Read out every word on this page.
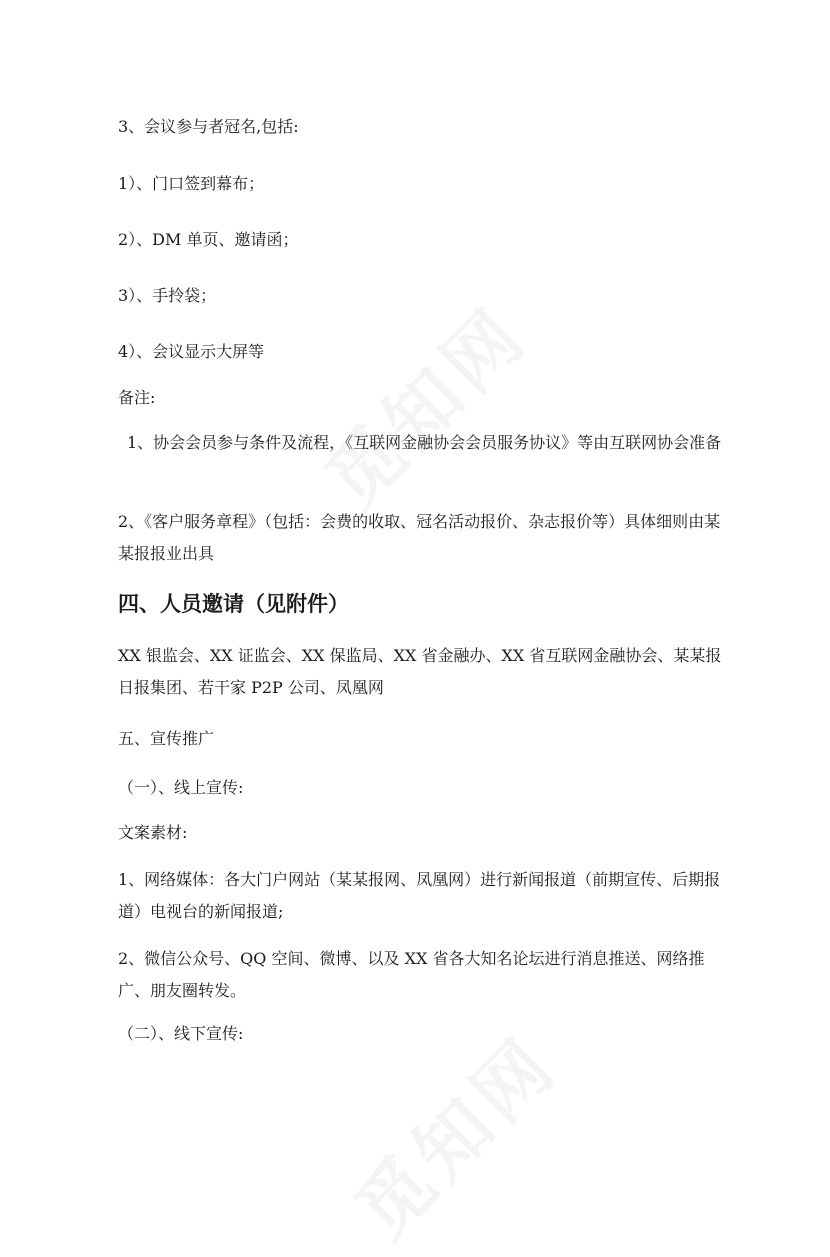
3、会议参与者冠名,包括:
1）、门口签到幕布；
2）、DM 单页、邀请函；
3）、手拎袋；
4）、会议显示大屏等
备注:
1、协会会员参与条件及流程，《互联网金融协会会员服务协议》等由互联网协会准备
2、《客户服务章程》（包括：会费的收取、冠名活动报价、杂志报价等）具体细则由某某报报业出具
四、人员邀请（见附件）
XX 银监会、XX 证监会、XX 保监局、XX 省金融办、XX 省互联网金融协会、某某报日报集团、若干家 P2P 公司、凤凰网
五、宣传推广
（一）、线上宣传:
文案素材:
1、网络媒体：各大门户网站（某某报网、凤凰网）进行新闻报道（前期宣传、后期报道）电视台的新闻报道;
2、微信公众号、QQ 空间、微博、以及 XX 省各大知名论坛进行消息推送、网络推广、朋友圈转发。
（二）、线下宣传:
